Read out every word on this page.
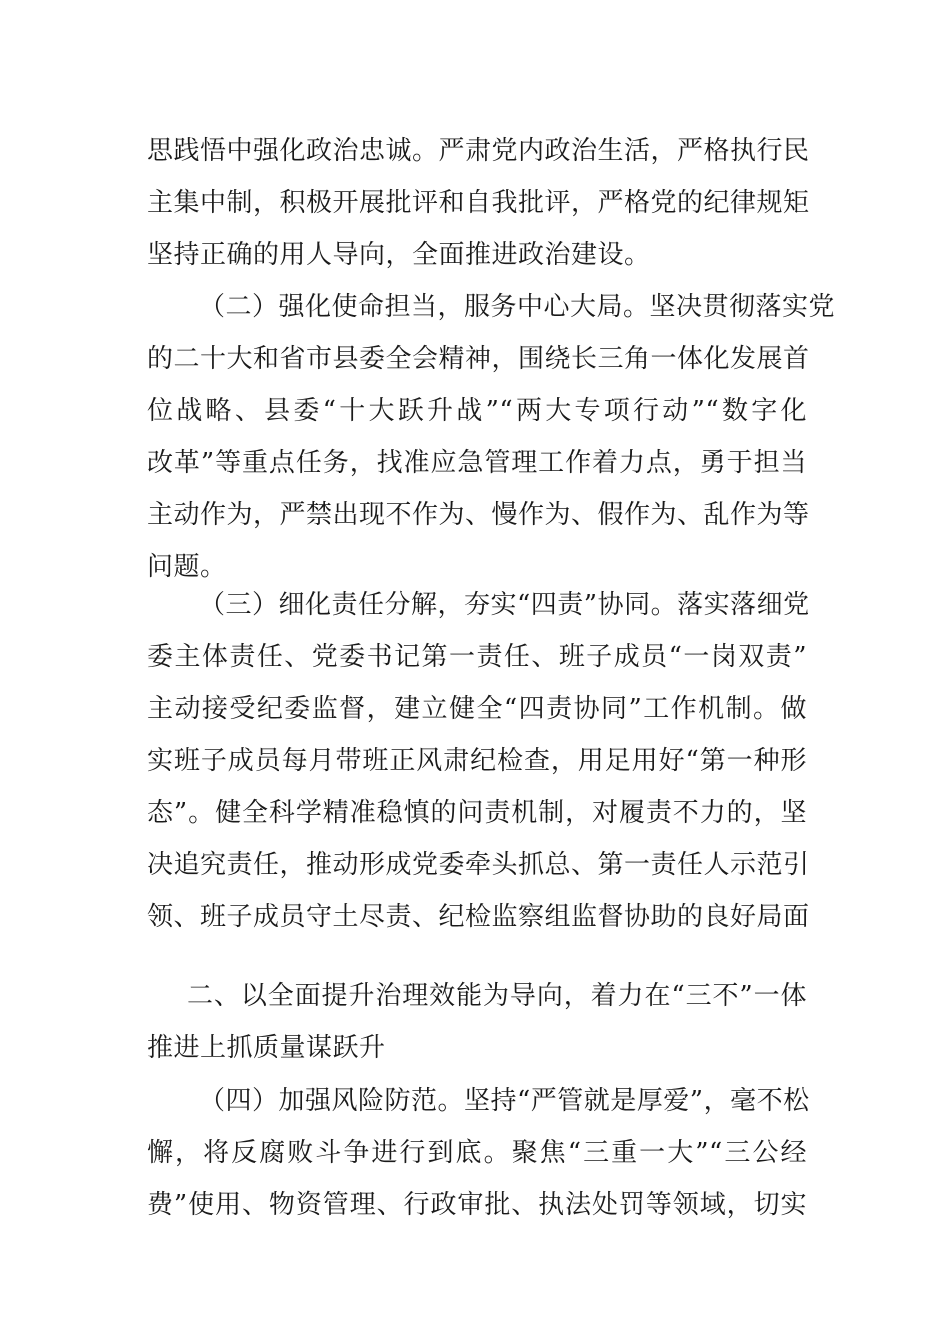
思践悟中强化政治忠诚。严肃党内政治生活，严格执行民
主集中制，积极开展批评和自我批评，严格党的纪律规矩
坚持正确的用人导向，全面推进政治建设。
（二）强化使命担当，服务中心大局。坚决贯彻落实党
的二十大和省市县委全会精神，围绕长三角一体化发展首
位战略、县委“十大跃升战”“两大专项行动”“数字化
改革”等重点任务，找准应急管理工作着力点，勇于担当
主动作为，严禁出现不作为、慢作为、假作为、乱作为等
问题。
（三）细化责任分解，夯实“四责”协同。落实落细党
委主体责任、党委书记第一责任、班子成员“一岗双责”
主动接受纪委监督，建立健全“四责协同”工作机制。做
实班子成员每月带班正风肃纪检查，用足用好“第一种形
态”。健全科学精准稳慎的问责机制，对履责不力的，坚
决追究责任，推动形成党委牵头抓总、第一责任人示范引
领、班子成员守土尽责、纪检监察组监督协助的良好局面
二、以全面提升治理效能为导向，着力在“三不”一体
推进上抓质量谋跃升
（四）加强风险防范。坚持“严管就是厚爱”，毫不松
懈，将反腐败斗争进行到底。聚焦“三重一大”“三公经
费”使用、物资管理、行政审批、执法处罚等领域，切实
